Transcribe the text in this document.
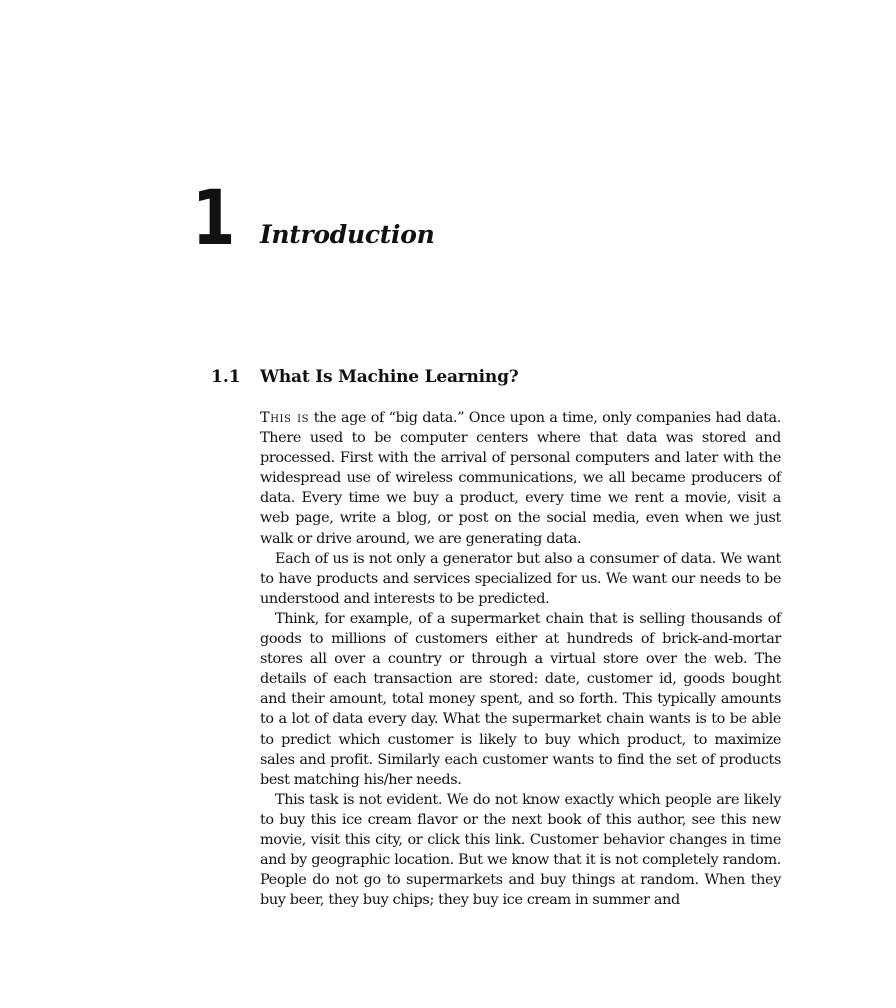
1 Introduction
1.1 What Is Machine Learning?

This is the age of “big data.” Once upon a time, only companies had data. There used to be computer centers where that data was stored and processed. First with the arrival of personal computers and later with the widespread use of wireless communications, we all became producers of data. Every time we buy a product, every time we rent a movie, visit a web page, write a blog, or post on the social media, even when we just walk or drive around, we are generating data.

Each of us is not only a generator but also a consumer of data. We want to have products and services specialized for us. We want our needs to be understood and interests to be predicted.

Think, for example, of a supermarket chain that is selling thousands of goods to millions of customers either at hundreds of brick-and-mortar stores all over a country or through a virtual store over the web. The details of each transaction are stored: date, customer id, goods bought and their amount, total money spent, and so forth. This typically amounts to a lot of data every day. What the supermarket chain wants is to be able to predict which customer is likely to buy which product, to maximize sales and profit. Similarly each customer wants to find the set of products best matching his/her needs.

This task is not evident. We do not know exactly which people are likely to buy this ice cream flavor or the next book of this author, see this new movie, visit this city, or click this link. Customer behavior changes in time and by geographic location. But we know that it is not completely random. People do not go to supermarkets and buy things at random. When they buy beer, they buy chips; they buy ice cream in summer and
